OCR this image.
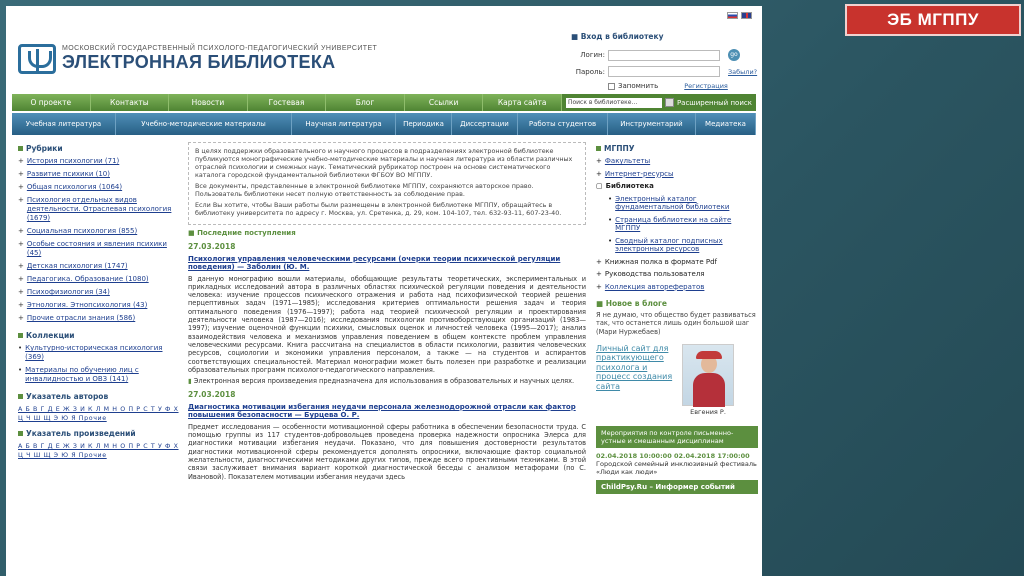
ЭБ МГППУ
МОСКОВСКИЙ ГОСУДАРСТВЕННЫЙ ПСИХОЛОГО-ПЕДАГОГИЧЕСКИЙ УНИВЕРСИТЕТ
ЭЛЕКТРОННАЯ БИБЛИОТЕКА
■ Вход в библиотеку
Логин:	go
Пароль:	Забыли?
Запомнить	Регистрация
О проекте	Контакты	Новости	Гостевая	Блог	Ссылки	Карта сайта	Поиск в библиотеке...	Расширенный поиск
Учебная литература	Учебно-методические материалы	Научная литература	Периодика	Диссертации	Работы студентов	Инструментарий	Медиатека
Рубрики
+ История психологии (71)
+ Развитие психики (10)
+ Общая психология (1064)
+ Психология отдельных видов деятельности. Отраслевая психология (1679)
+ Социальная психология (855)
+ Особые состояния и явления психики (45)
+ Детская психология (1747)
+ Педагогика. Образование (1080)
+ Психофизиология (34)
+ Этнология. Этнопсихология (43)
+ Прочие отрасли знания (586)
Коллекции
• Культурно-историческая психология (369)
• Материалы по обучению лиц с инвалидностью и ОВЗ (141)
Указатель авторов
А Б В Г Д Е Ж З И К Л М Н О П Р С Т У Ф Х Ц Ч Ш Щ Э Ю Я Прочие
Указатель произведений
А Б В Г Д Е Ж З И К Л М Н О П Р С Т У Ф Х Ц Ч Ш Щ Э Ю Я Прочие

В целях поддержки образовательного и научного процессов в подразделениях электронной библиотеке публикуются монографические учебно-методические материалы и научная литература из области различных отраслей психологии и смежных наук. Тематический рубрикатор построен на основе систематического каталога городской фундаментальной библиотеки ФГБОУ ВО МГППУ.

Все документы, представленные в электронной библиотеке МГППУ, сохраняются авторское право. Пользователь библиотеки несет полную ответственность за соблюдение прав.

Если Вы хотите, чтобы Ваши работы были размещены в электронной библиотеке МГППУ, обращайтесь в библиотеку университета по адресу г. Москва, ул. Сретенка, д. 29, ком. 104-107, тел. 632-93-11, 607-23-40.

■ Последние поступления
27.03.2018
Психология управления человеческими ресурсами (очерки теории психической регуляции поведения) — Заболин (Ю. М.
В данную монографию вошли материалы, обобщающие результаты теоретических, экспериментальных и прикладных исследований автора в различных областях психической регуляции поведения и деятельности человека: изучение процессов психического отражения и работа над психофизической теорией решения перцептивных задач (1971—1985); исследования критериев оптимальности решения задач и теория оптимального поведения (1976—1997); работа над теорией психической регуляции и проектирования деятельности человека (1987—2016); исследования психологии противоборствующих организаций (1983—1997); изучение оценочной функции психики, смысловых оценок и личностей человека (1995—2017); анализ взаимодействия человека и механизмов управления поведением в общем контексте проблем управления человеческими ресурсами. Книга рассчитана на специалистов в области психологии, развития человеческих ресурсов, социологии и экономики управления персоналом, а также — на студентов и аспирантов соответствующих специальностей. Материал монографии может быть полезен при разработке и реализации образовательных программ психолого-педагогического направления.
▮ Электронная версия произведения предназначена для использования в образовательных и научных целях.
27.03.2018
Диагностика мотивации избегания неудачи персонала железнодорожной отрасли как фактор повышения безопасности — Бурцева О. Р.
Предмет исследования — особенности мотивационной сферы работника в обеспечении безопасности труда. С помощью группы из 117 студентов-добровольцев проведена проверка надежности опросника Элерса для диагностики мотивации избегания неудачи. Показано, что для повышения достоверности результатов диагностики мотивационной сферы рекомендуется дополнять опросники, включающие фактор социальной желательности, диагностическими методиками других типов, прежде всего проективными техниками. В этой связи заслуживает внимания вариант короткой диагностической беседы с анализом метафорами (по С. Ивановой). Показателем мотивации избегания неудачи здесь
МГППУ
+ Факультеты
+ Интернет-ресурсы
▢ Библиотека
• Электронный каталог фундаментальной библиотеки
• Страница библиотеки на сайте МГППУ
• Сводный каталог подписных электронных ресурсов
+ Книжная полка в формате Pdf
+ Руководства пользователя
+ Коллекция авторефератов
■ Новое в блоге
Я не думаю, что общество будет развиваться так, что останется лишь один большой шаг (Мари Нуржебаев)
Личный сайт для практикующего психолога и процесс создания сайта
Евгения Р.
Мероприятия по контроле письменно-устные и смешанным дисциплинам
02.04.2018 10:00:00 02.04.2018 17:00:00
Городской семейный инклюзивный фестиваль «Люди как люди»
ChildPsy.Ru – Информер событий
